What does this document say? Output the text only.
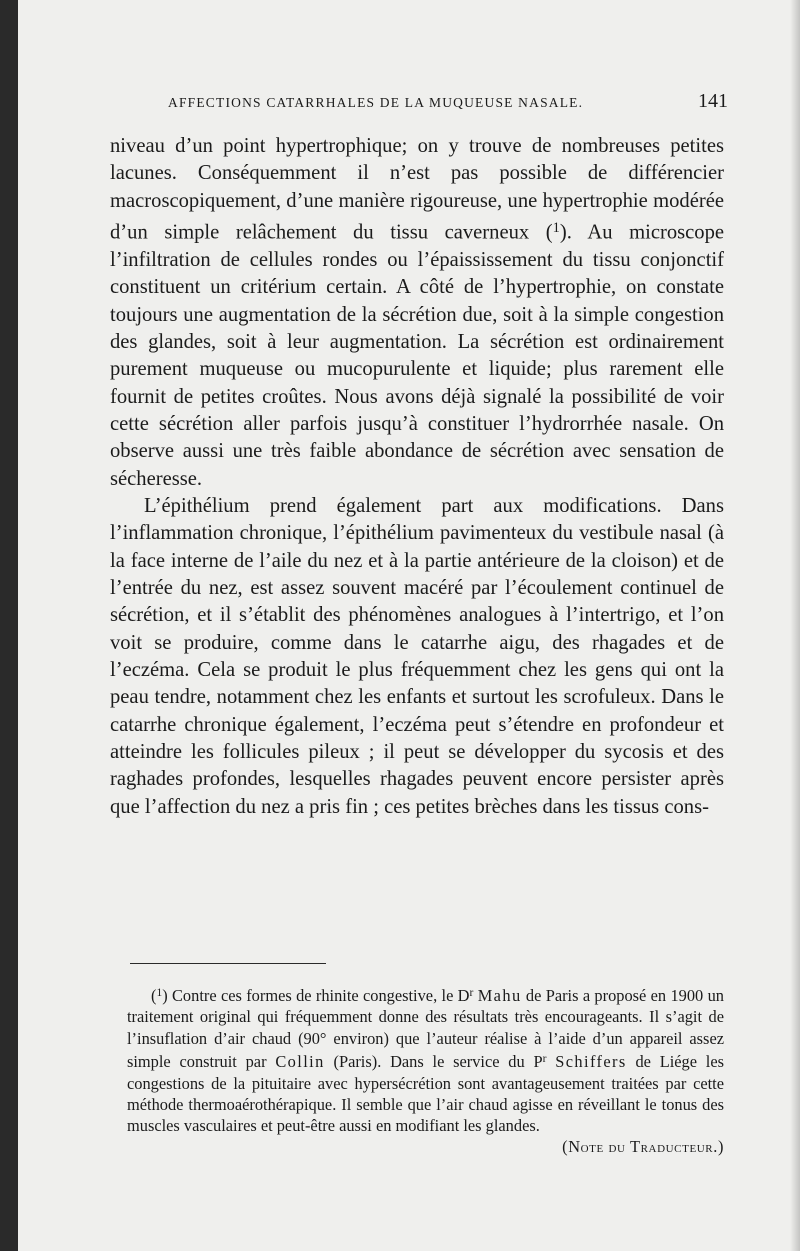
AFFECTIONS CATARRHALES DE LA MUQUEUSE NASALE.	141

niveau d’un point hypertrophique; on y trouve de nombreuses petites lacunes. Conséquemment il n’est pas possible de différencier macroscopiquement, d’une manière rigoureuse, une hypertrophie modérée d’un simple relâchement du tissu caverneux ($^1$). Au microscope l’infiltration de cellules rondes ou l’épaississement du tissu conjonctif constituent un critérium certain. A côté de l’hypertrophie, on constate toujours une augmentation de la sécrétion due, soit à la simple congestion des glandes, soit à leur augmentation. La sécrétion est ordinairement purement muqueuse ou mucopurulente et liquide; plus rarement elle fournit de petites croûtes. Nous avons déjà signalé la possibilité de voir cette sécrétion aller parfois jusqu’à constituer l’hydrorrhée nasale. On observe aussi une très faible abondance de sécrétion avec sensation de sécheresse.

L’épithélium prend également part aux modifications. Dans l’inflammation chronique, l’épithélium pavimenteux du vestibule nasal (à la face interne de l’aile du nez et à la partie antérieure de la cloison) et de l’entrée du nez, est assez souvent macéré par l’écoulement continuel de sécrétion, et il s’établit des phénomènes analogues à l’intertrigo, et l’on voit se produire, comme dans le catarrhe aigu, des rhagades et de l’eczéma. Cela se produit le plus fréquemment chez les gens qui ont la peau tendre, notamment chez les enfants et surtout les scrofuleux. Dans le catarrhe chronique également, l’eczéma peut s’étendre en profondeur et atteindre les follicules pileux ; il peut se développer du sycosis et des raghades profondes, lesquelles rhagades peuvent encore persister après que l’affection du nez a pris fin ; ces petites brèches dans les tissus cons-

($^1$) Contre ces formes de rhinite congestive, le $D^r$ Mahu de Paris a proposé en 1900 un traitement original qui fréquemment donne des résultats très encourageants. Il s’agit de l’insuflation d’air chaud (90° environ) que l’auteur réalise à l’aide d’un appareil assez simple construit par Collin (Paris). Dans le service du $P^r$ Schiffers de Liége les congestions de la pituitaire avec hypersécrétion sont avantageusement traitées par cette méthode thermoaérothérapique. Il semble que l’air chaud agisse en réveillant le tonus des muscles vasculaires et peut-être aussi en modifiant les glandes.
(Note du Traducteur.)
